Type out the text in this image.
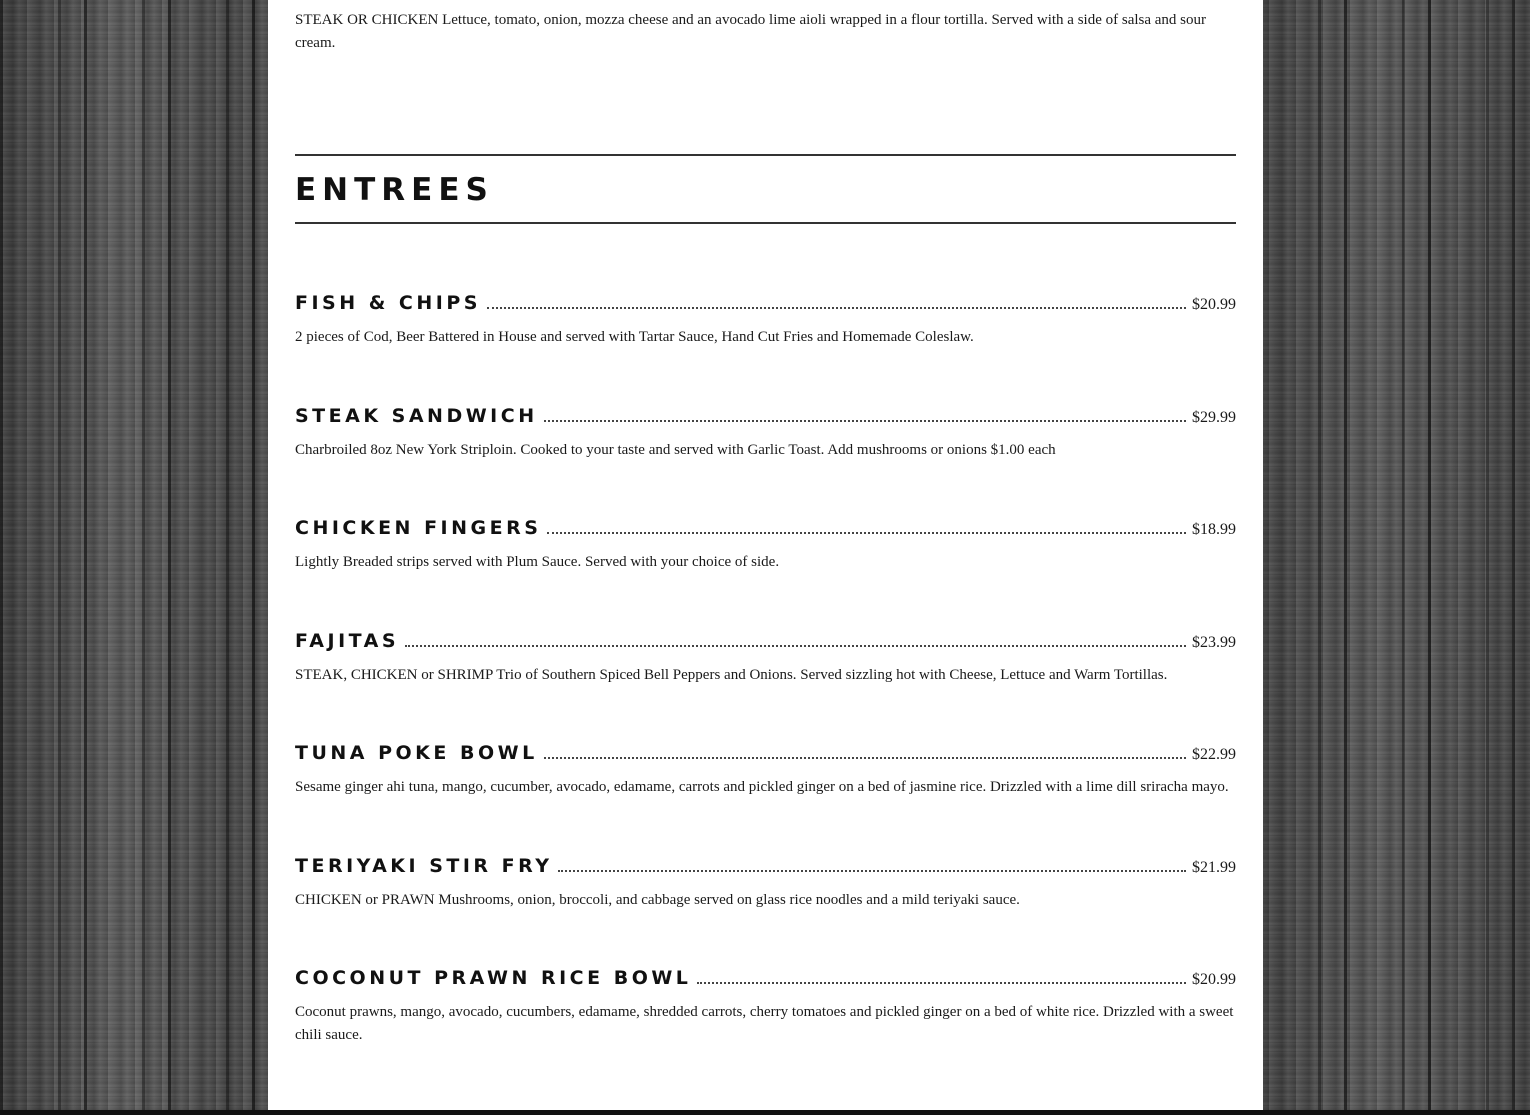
STEAK OR CHICKEN Lettuce, tomato, onion, mozza cheese and an avocado lime aioli wrapped in a flour tortilla. Served with a side of salsa and sour cream.

ENTREES
FISH & CHIPS	$20.99
2 pieces of Cod, Beer Battered in House and served with Tartar Sauce, Hand Cut Fries and Homemade Coleslaw.
STEAK SANDWICH	$29.99
Charbroiled 8oz New York Striploin. Cooked to your taste and served with Garlic Toast. Add mushrooms or onions $1.00 each
CHICKEN FINGERS	$18.99
Lightly Breaded strips served with Plum Sauce. Served with your choice of side.
FAJITAS	$23.99
STEAK, CHICKEN or SHRIMP Trio of Southern Spiced Bell Peppers and Onions. Served sizzling hot with Cheese, Lettuce and Warm Tortillas.
TUNA POKE BOWL	$22.99
Sesame ginger ahi tuna, mango, cucumber, avocado, edamame, carrots and pickled ginger on a bed of jasmine rice. Drizzled with a lime dill sriracha mayo.
TERIYAKI STIR FRY	$21.99
CHICKEN or PRAWN Mushrooms, onion, broccoli, and cabbage served on glass rice noodles and a mild teriyaki sauce.
COCONUT PRAWN RICE BOWL	$20.99
Coconut prawns, mango, avocado, cucumbers, edamame, shredded carrots, cherry tomatoes and pickled ginger on a bed of white rice. Drizzled with a sweet chili sauce.
